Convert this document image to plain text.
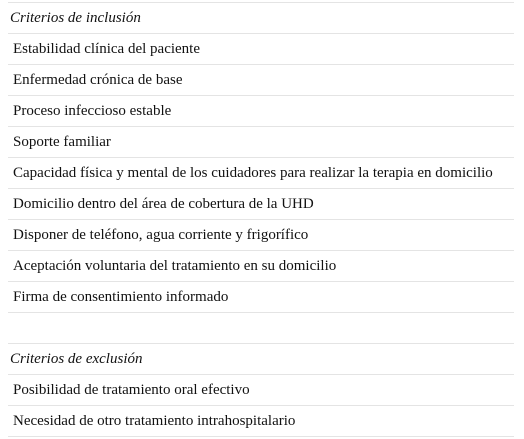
Criterios de inclusión
Estabilidad clínica del paciente
Enfermedad crónica de base
Proceso infeccioso estable
Soporte familiar
Capacidad física y mental de los cuidadores para realizar la terapia en domicilio
Domicilio dentro del área de cobertura de la UHD
Disponer de teléfono, agua corriente y frigorífico
Aceptación voluntaria del tratamiento en su domicilio
Firma de consentimiento informado

Criterios de exclusión
Posibilidad de tratamiento oral efectivo
Necesidad de otro tratamiento intrahospitalario
